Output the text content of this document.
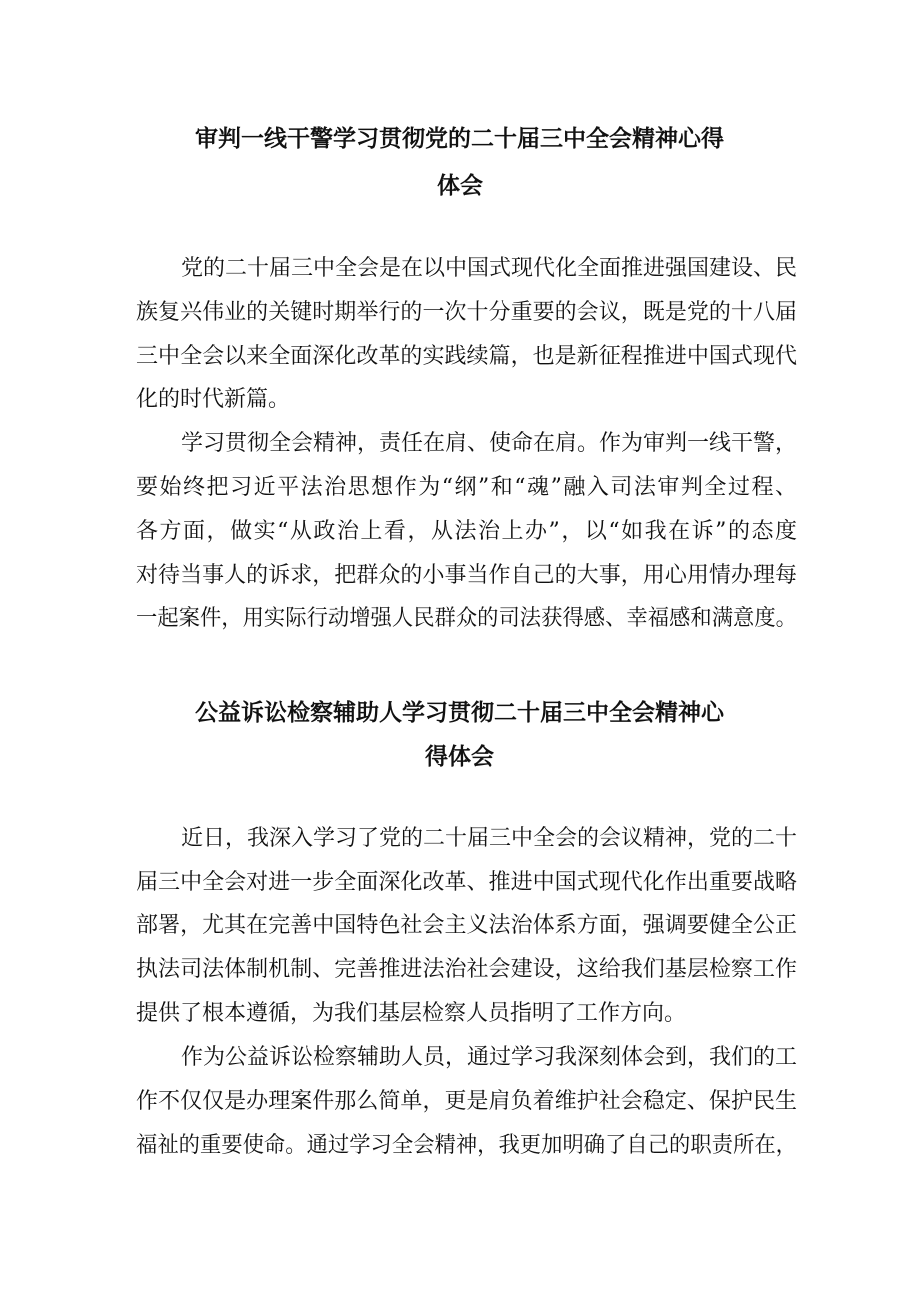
审判一线干警学习贯彻党的二十届三中全会精神心得
体会
党的二十届三中全会是在以中国式现代化全面推进强国建设、民
族复兴伟业的关键时期举行的一次十分重要的会议，既是党的十八届
三中全会以来全面深化改革的实践续篇，也是新征程推进中国式现代
化的时代新篇。
学习贯彻全会精神，责任在肩、使命在肩。作为审判一线干警，
要始终把习近平法治思想作为“纲”和“魂”融入司法审判全过程、
各方面，做实“从政治上看，从法治上办”，以“如我在诉”的态度
对待当事人的诉求，把群众的小事当作自己的大事，用心用情办理每
一起案件，用实际行动增强人民群众的司法获得感、幸福感和满意度。
公益诉讼检察辅助人学习贯彻二十届三中全会精神心
得体会
近日，我深入学习了党的二十届三中全会的会议精神，党的二十
届三中全会对进一步全面深化改革、推进中国式现代化作出重要战略
部署，尤其在完善中国特色社会主义法治体系方面，强调要健全公正
执法司法体制机制、完善推进法治社会建设，这给我们基层检察工作
提供了根本遵循，为我们基层检察人员指明了工作方向。
作为公益诉讼检察辅助人员，通过学习我深刻体会到，我们的工
作不仅仅是办理案件那么简单，更是肩负着维护社会稳定、保护民生
福祉的重要使命。通过学习全会精神，我更加明确了自己的职责所在，
